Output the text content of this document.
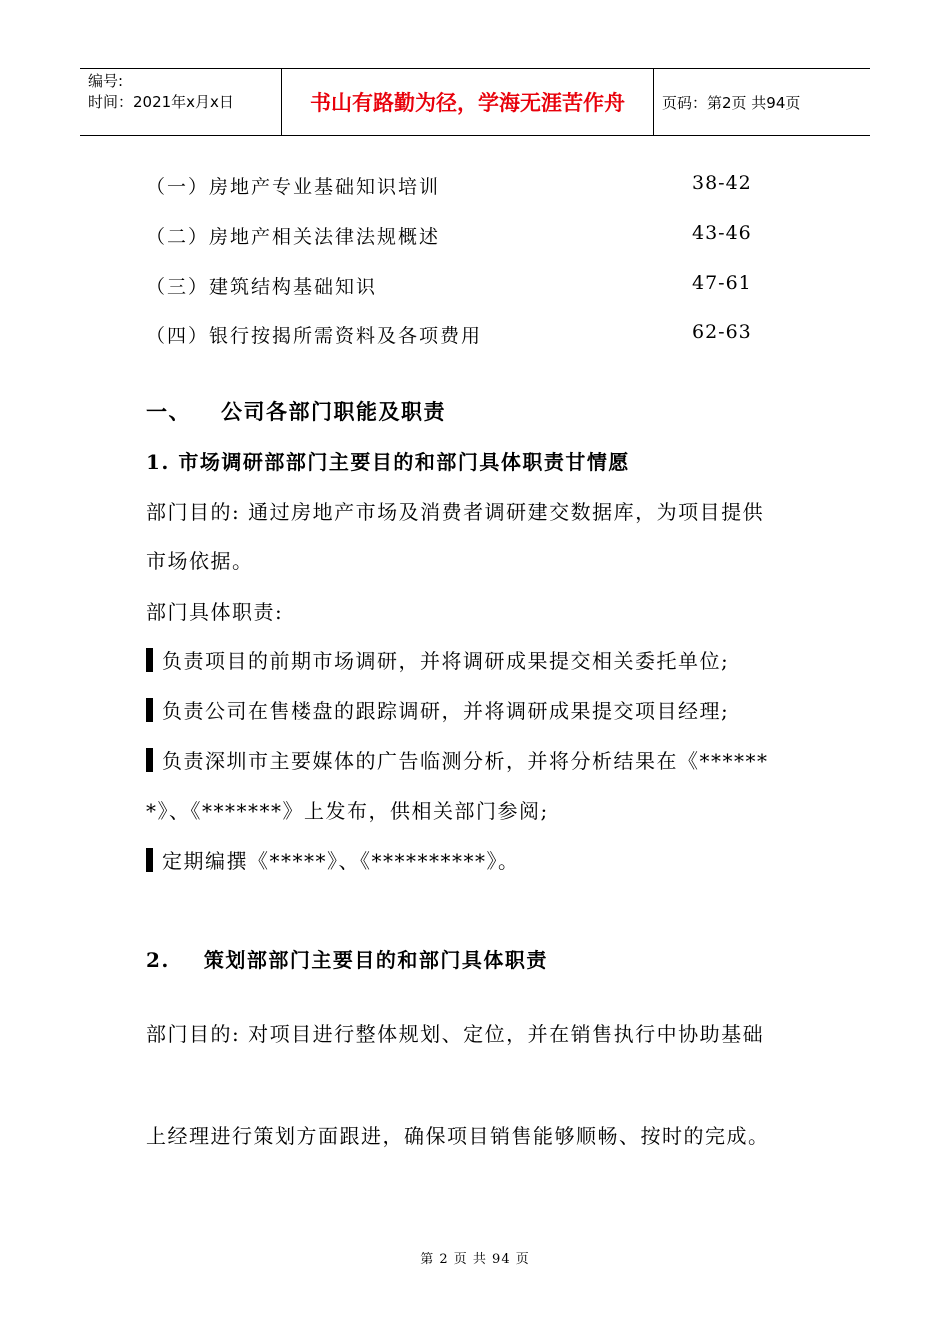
编号:
时间：2021年x月x日	书山有路勤为径，学海无涯苦作舟	页码：第2页 共94页
（一）房地产专业基础知识培训	38-42
（二）房地产相关法律法规概述	43-46
（三）建筑结构基础知识	47-61
（四）银行按揭所需资料及各项费用	62-63
一、 公司各部门职能及职责
1. 市场调研部部门主要目的和部门具体职责甘情愿
部门目的: 通过房地产市场及消费者调研建交数据库，为项目提供
市场依据。
部门具体职责:
负责项目的前期市场调研，并将调研成果提交相关委托单位;
负责公司在售楼盘的跟踪调研，并将调研成果提交项目经理;
负责深圳市主要媒体的广告临测分析，并将分析结果在《******
*》、《*******》上发布，供相关部门参阅;
定期编撰《*****》、《**********》。
2. 策划部部门主要目的和部门具体职责
部门目的: 对项目进行整体规划、定位，并在销售执行中协助基础
上经理进行策划方面跟进，确保项目销售能够顺畅、按时的完成。
第 2 页 共 94 页
